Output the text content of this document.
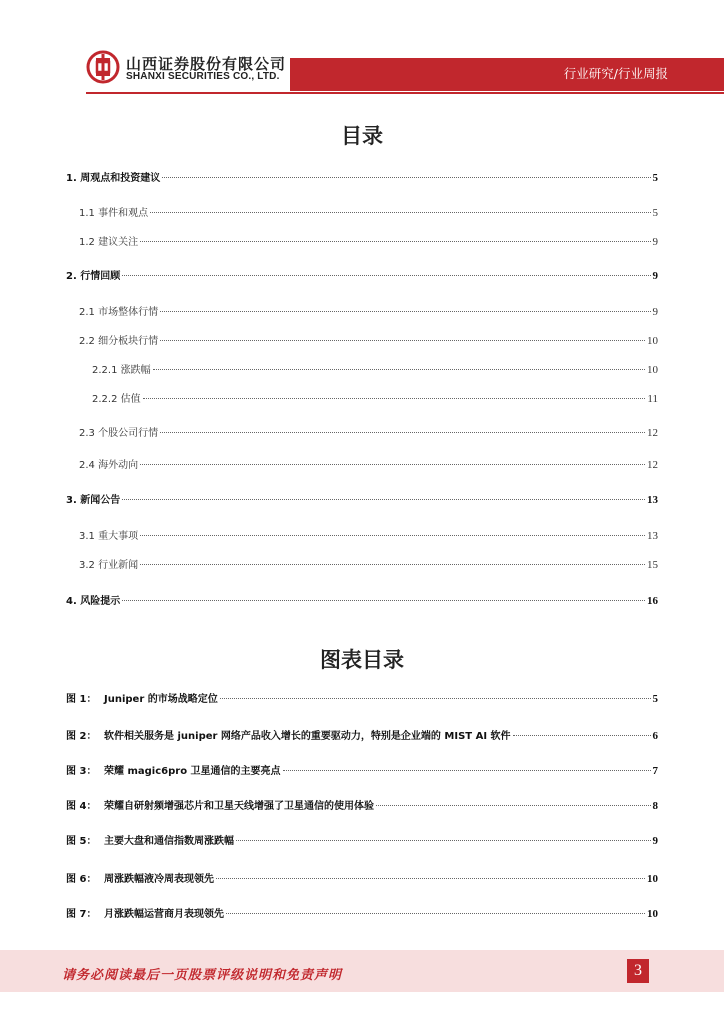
山西证券股份有限公司
SHANXI SECURITIES CO., LTD.	行业研究/行业周报
目录
1. 周观点和投资建议	5
1.1 事件和观点	5
1.2 建议关注	9
2. 行情回顾	9
2.1 市场整体行情	9
2.2 细分板块行情	10
2.2.1 涨跌幅	10
2.2.2 估值	11
2.3 个股公司行情	12
2.4 海外动向	12
3. 新闻公告	13
3.1 重大事项	13
3.2 行业新闻	15
4. 风险提示	16
图表目录
图 1： Juniper 的市场战略定位	5
图 2： 软件相关服务是 juniper 网络产品收入增长的重要驱动力，特别是企业端的 MIST AI 软件	6
图 3： 荣耀 magic6pro 卫星通信的主要亮点	7
图 4： 荣耀自研射频增强芯片和卫星天线增强了卫星通信的使用体验	8
图 5： 主要大盘和通信指数周涨跌幅	9
图 6： 周涨跌幅液冷周表现领先	10
图 7： 月涨跌幅运营商月表现领先	10
请务必阅读最后一页股票评级说明和免责声明	3
